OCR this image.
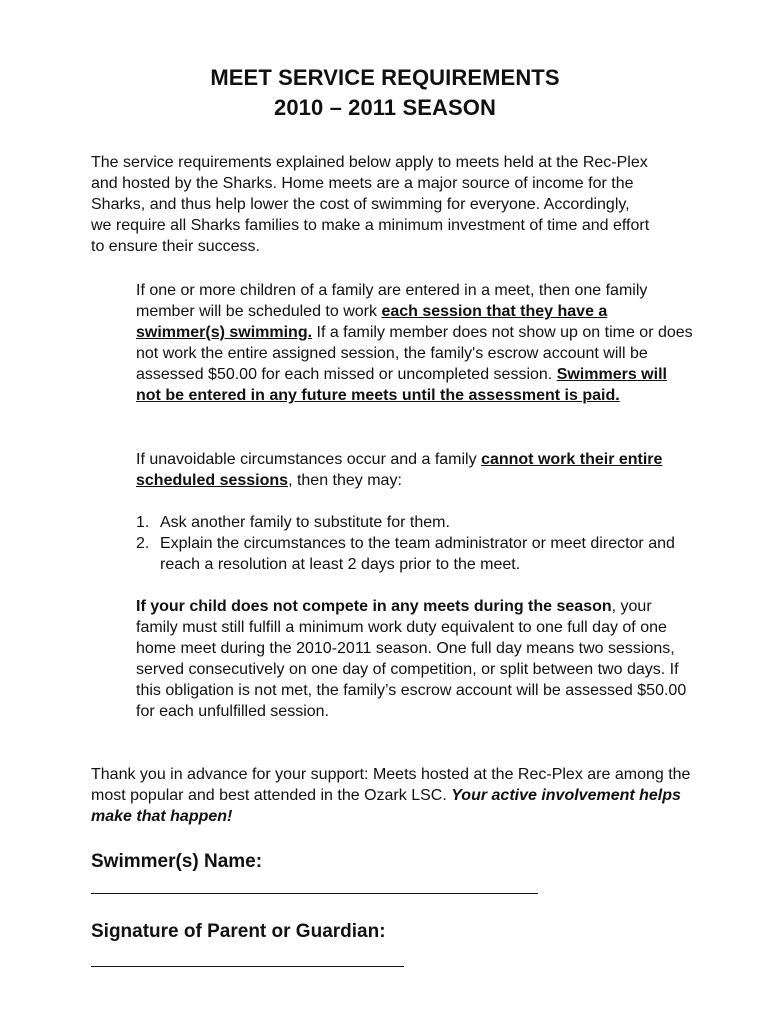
MEET SERVICE REQUIREMENTS
2010 – 2011 SEASON
The service requirements explained below apply to meets held at the Rec-Plex and hosted by the Sharks. Home meets are a major source of income for the Sharks, and thus help lower the cost of swimming for everyone. Accordingly, we require all Sharks families to make a minimum investment of time and effort to ensure their success.
If one or more children of a family are entered in a meet, then one family member will be scheduled to work each session that they have a swimmer(s) swimming. If a family member does not show up on time or does not work the entire assigned session, the family's escrow account will be assessed $50.00 for each missed or uncompleted session. Swimmers will not be entered in any future meets until the assessment is paid.
If unavoidable circumstances occur and a family cannot work their entire scheduled sessions, then they may:
1. Ask another family to substitute for them.
2. Explain the circumstances to the team administrator or meet director and reach a resolution at least 2 days prior to the meet.
If your child does not compete in any meets during the season, your family must still fulfill a minimum work duty equivalent to one full day of one home meet during the 2010-2011 season. One full day means two sessions, served consecutively on one day of competition, or split between two days. If this obligation is not met, the family’s escrow account will be assessed $50.00 for each unfulfilled session.
Thank you in advance for your support: Meets hosted at the Rec-Plex are among the most popular and best attended in the Ozark LSC. Your active involvement helps make that happen!
Swimmer(s) Name:
Signature of Parent or Guardian:
